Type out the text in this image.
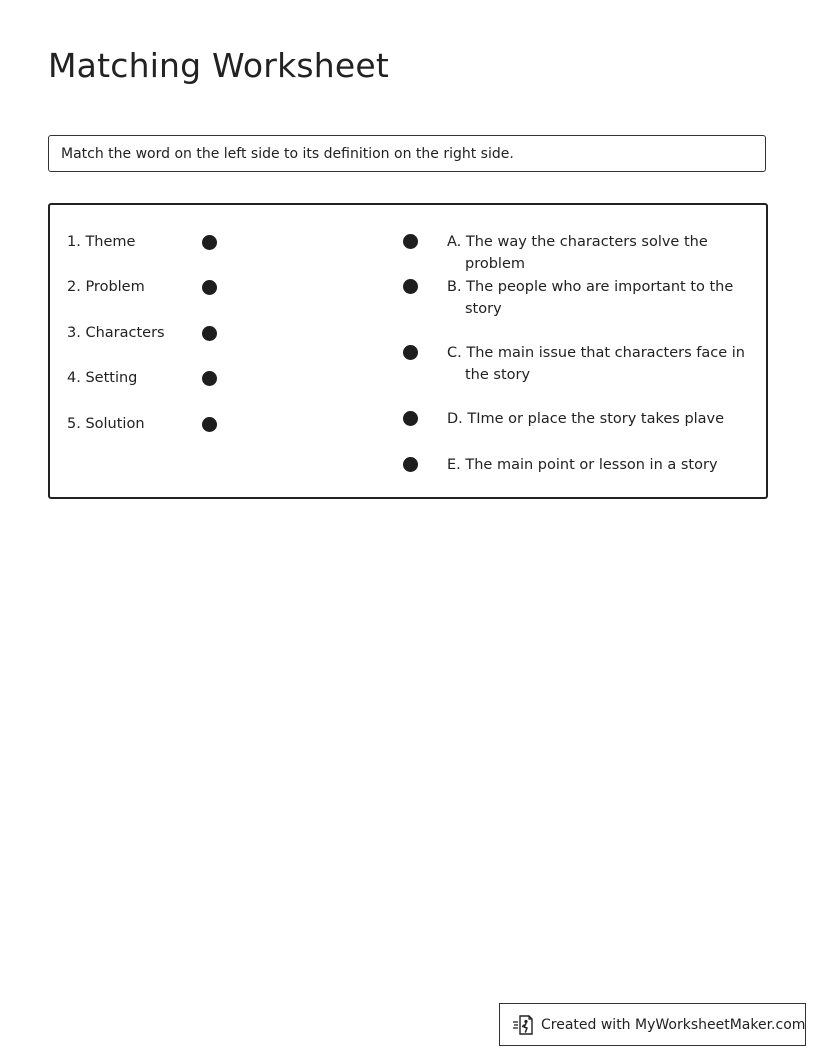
Matching Worksheet
Match the word on the left side to its definition on the right side.
1. Theme
2. Problem
3. Characters
4. Setting
5. Solution
A. The way the characters solve the problem
B. The people who are important to the story
C. The main issue that characters face in the story
D. TIme or place the story takes plave
E. The main point or lesson in a story
Created with MyWorksheetMaker.com
